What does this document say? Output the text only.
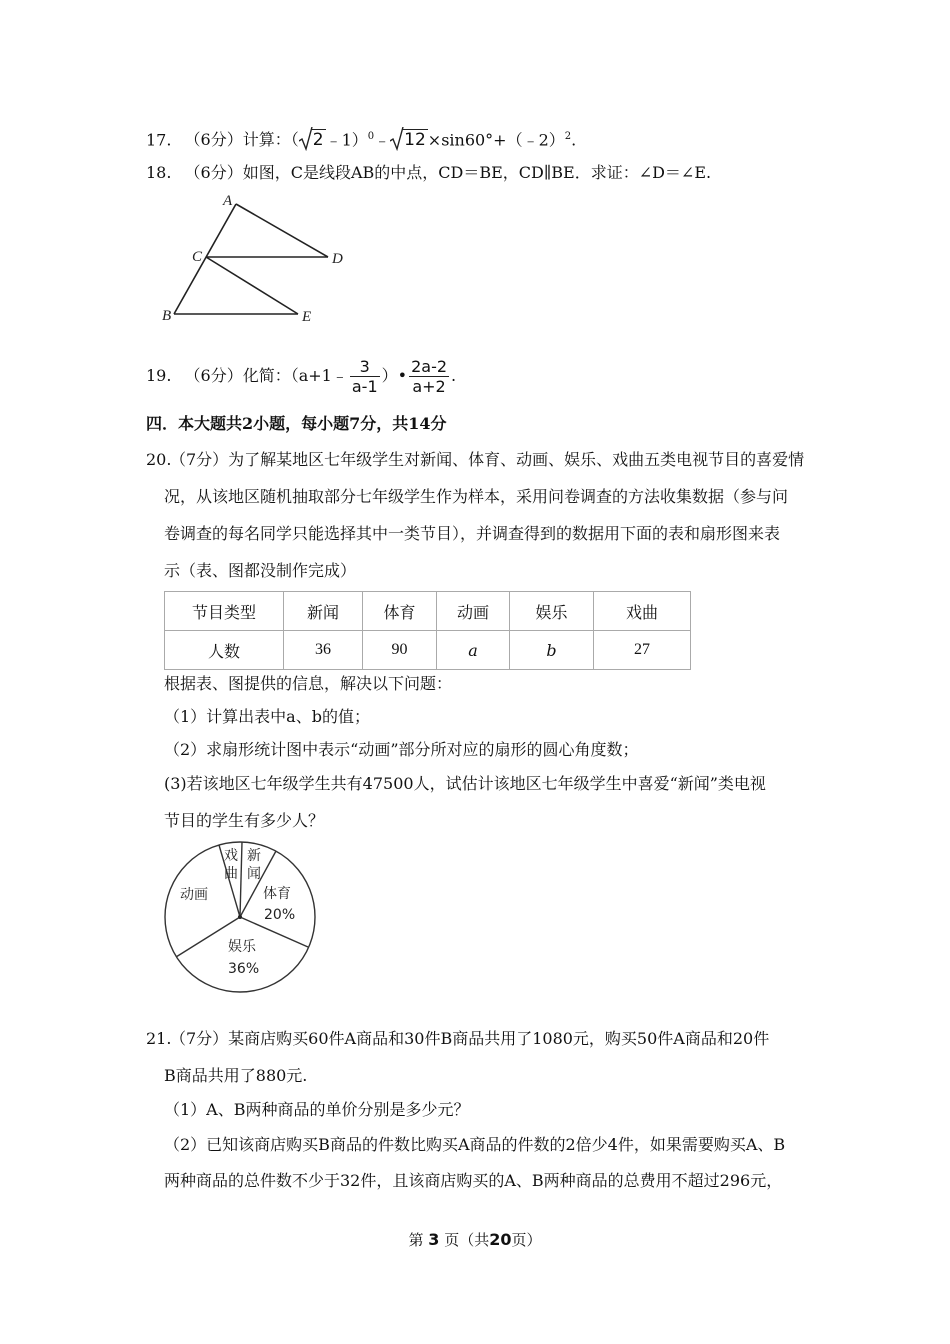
17. （6分）计算：（ 2 ﹣1）$^0$﹣ 12 ×sin60°+（﹣2）$^2$.
18. （6分）如图，C是线段AB的中点，CD＝BE，CD∥BE．求证：∠D＝∠E.
A
C	D
B	E
19. （6分）化简：（a+1﹣ $\frac{3}{a-1}$ ）• $\frac{2a-2}{a+2}$ .
四．本大题共2小题，每小题7分，共14分
20.
（7分）为了解某地区七年级学生对新闻、体育、动画、娱乐、戏曲五类电视节目的喜爱情
况，从该地区随机抽取部分七年级学生作为样本，采用问卷调查的方法收集数据（参与问
卷调查的每名同学只能选择其中一类节目），并调查得到的数据用下面的表和扇形图来表
示（表、图都没制作完成）
节目类型	新闻	体育	动画	娱乐	戏曲
人数	36	90	a	b	27
根据表、图提供的信息，解决以下问题：
（1）计算出表中a、b的值；
（2）求扇形统计图中表示“动画”部分所对应的扇形的圆心角度数；
(3)若该地区七年级学生共有47500人，试估计该地区七年级学生中喜爱“新闻”类电视
节目的学生有多少人？
戏
曲
新
闻
体育
20%
动画
娱乐
36%
21.
（7分）某商店购买60件A商品和30件B商品共用了1080元，购买50件A商品和20件
B商品共用了880元.
（1）A、B两种商品的单价分别是多少元？
（2）已知该商店购买B商品的件数比购买A商品的件数的2倍少4件，如果需要购买A、B
两种商品的总件数不少于32件，且该商店购买的A、B两种商品的总费用不超过296元，
第 3 页（共20页）
